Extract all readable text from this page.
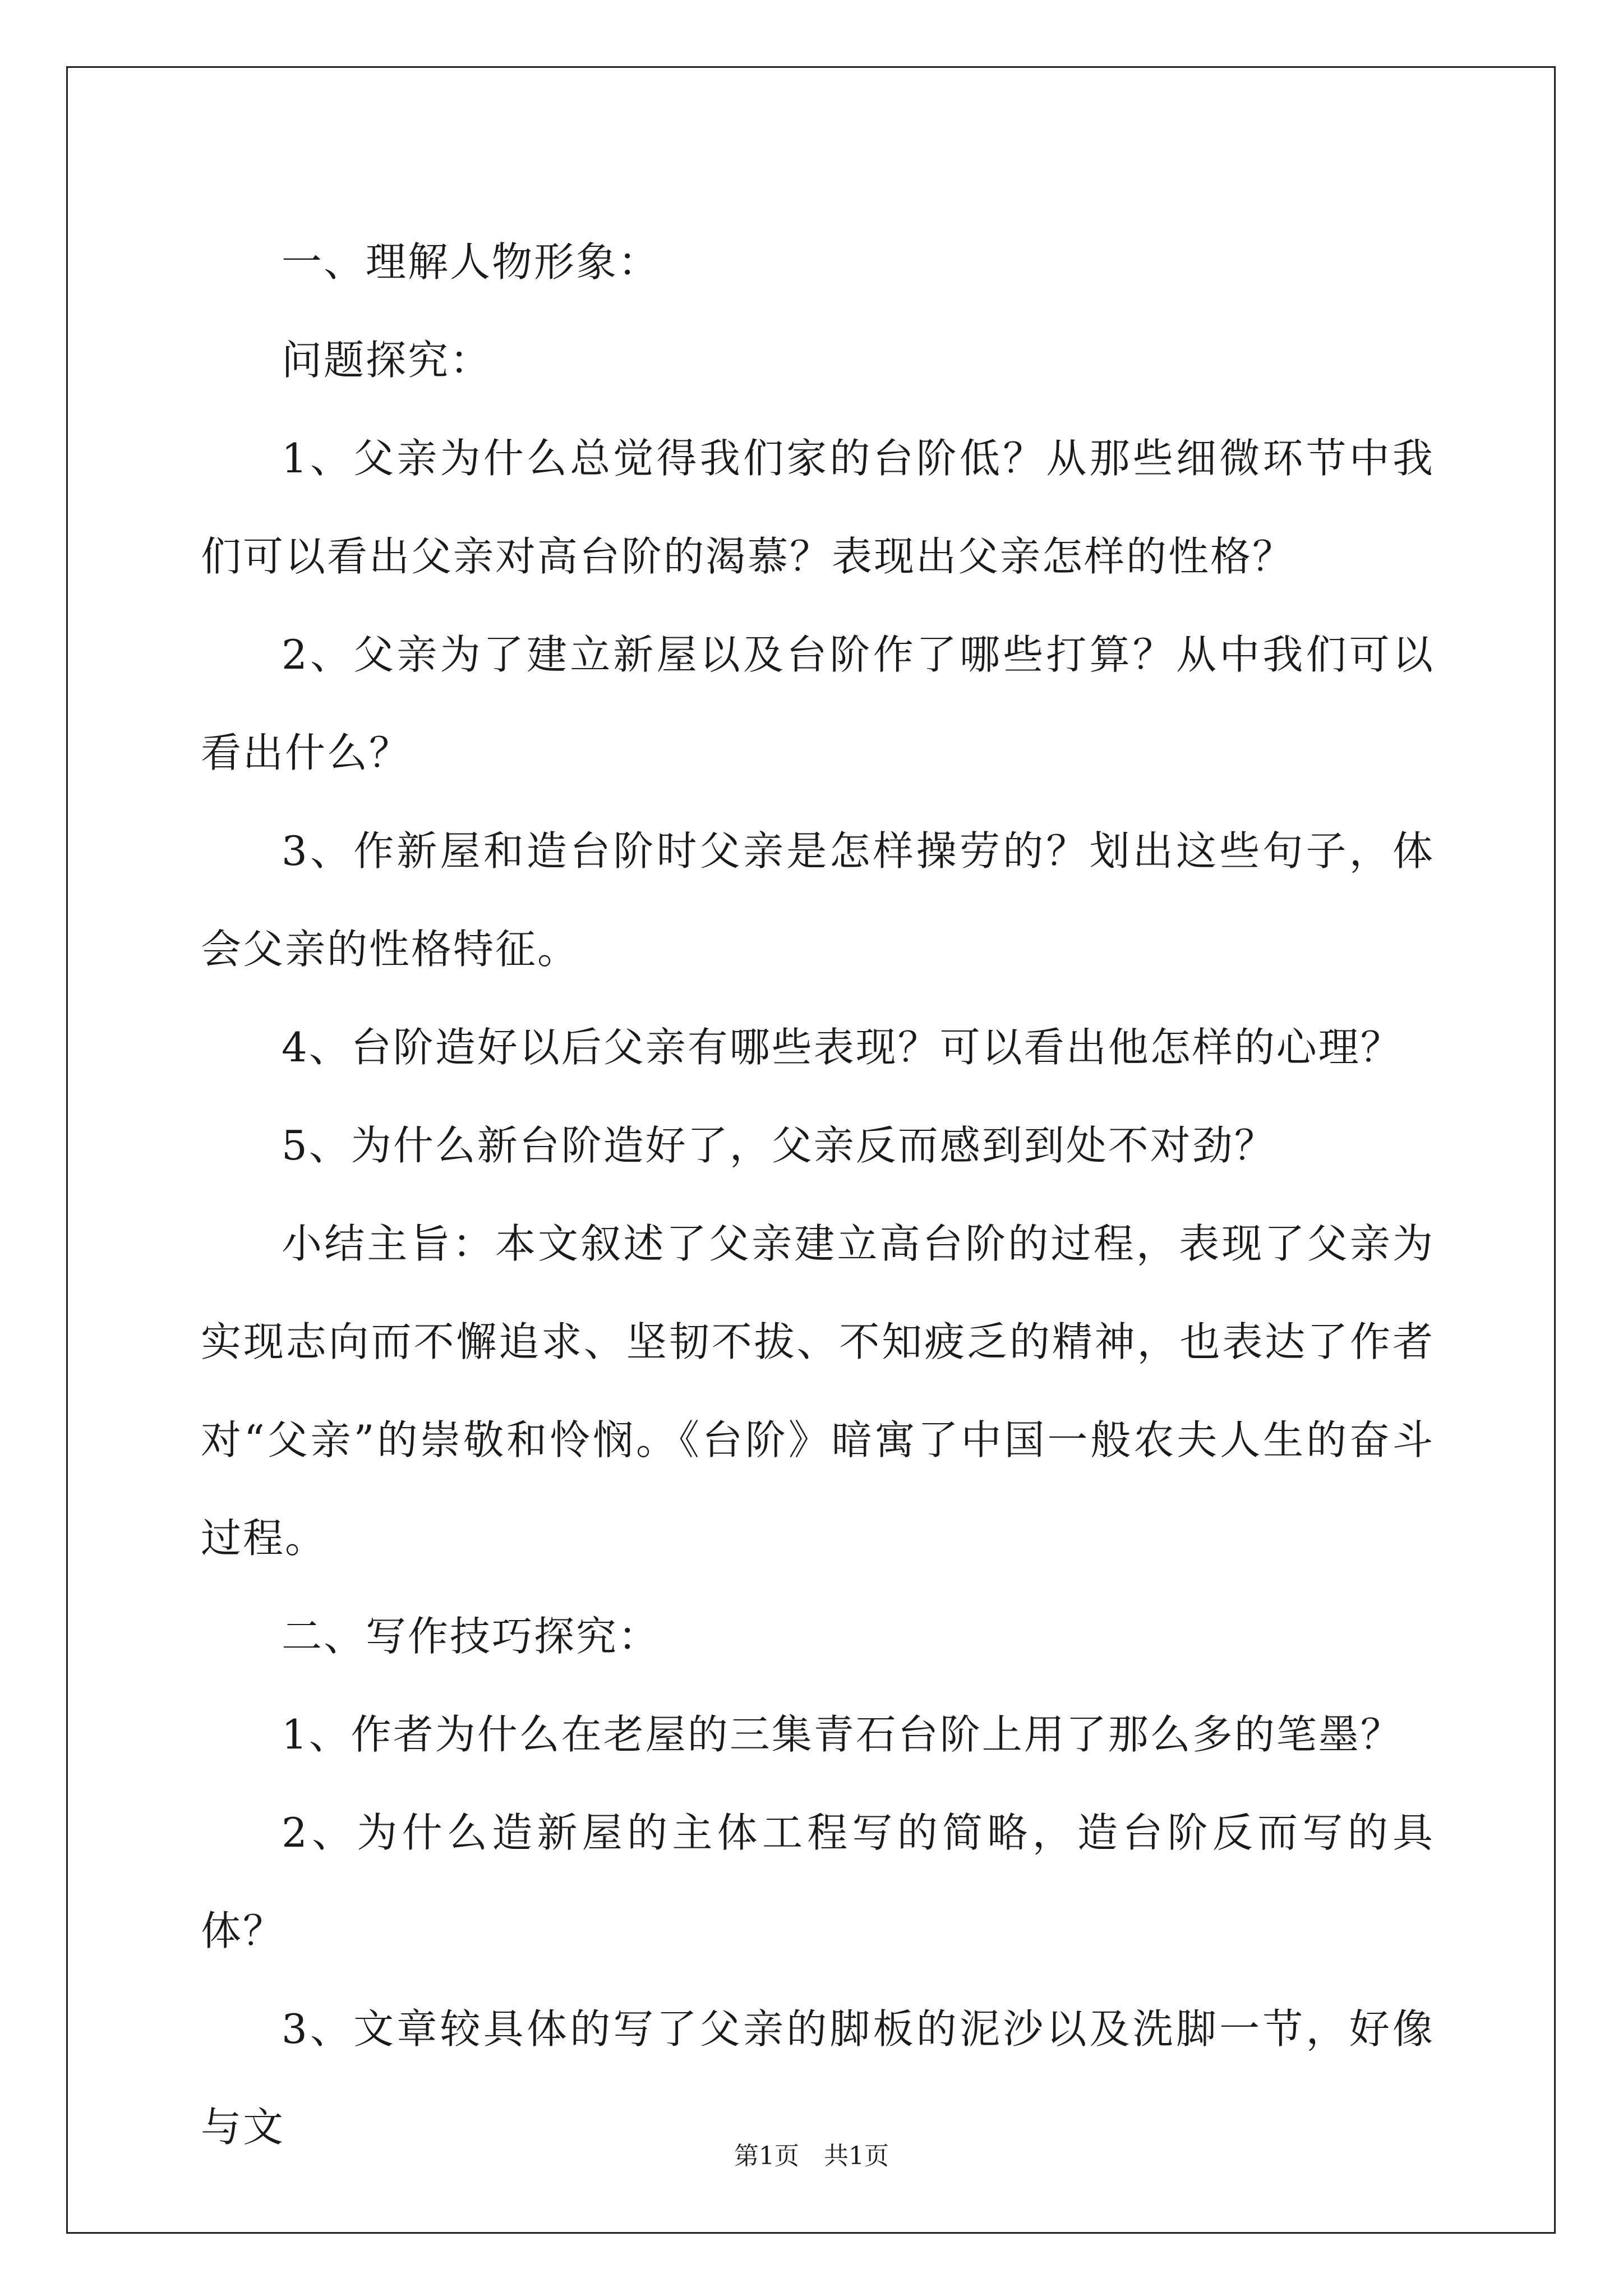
一、理解人物形象：

问题探究：

1、父亲为什么总觉得我们家的台阶低？从那些细微环节中我们可以看出父亲对高台阶的渴慕？表现出父亲怎样的性格？

2、父亲为了建立新屋以及台阶作了哪些打算？从中我们可以看出什么？

3、作新屋和造台阶时父亲是怎样操劳的？划出这些句子，体会父亲的性格特征。

4、台阶造好以后父亲有哪些表现？可以看出他怎样的心理？

5、为什么新台阶造好了，父亲反而感到到处不对劲？

小结主旨：本文叙述了父亲建立高台阶的过程，表现了父亲为实现志向而不懈追求、坚韧不拔、不知疲乏的精神，也表达了作者对“父亲”的崇敬和怜悯。《台阶》暗寓了中国一般农夫人生的奋斗过程。

二、写作技巧探究：

1、作者为什么在老屋的三集青石台阶上用了那么多的笔墨？

2、为什么造新屋的主体工程写的简略，造台阶反而写的具体？

3、文章较具体的写了父亲的脚板的泥沙以及洗脚一节，好像与文

第1页 共1页
